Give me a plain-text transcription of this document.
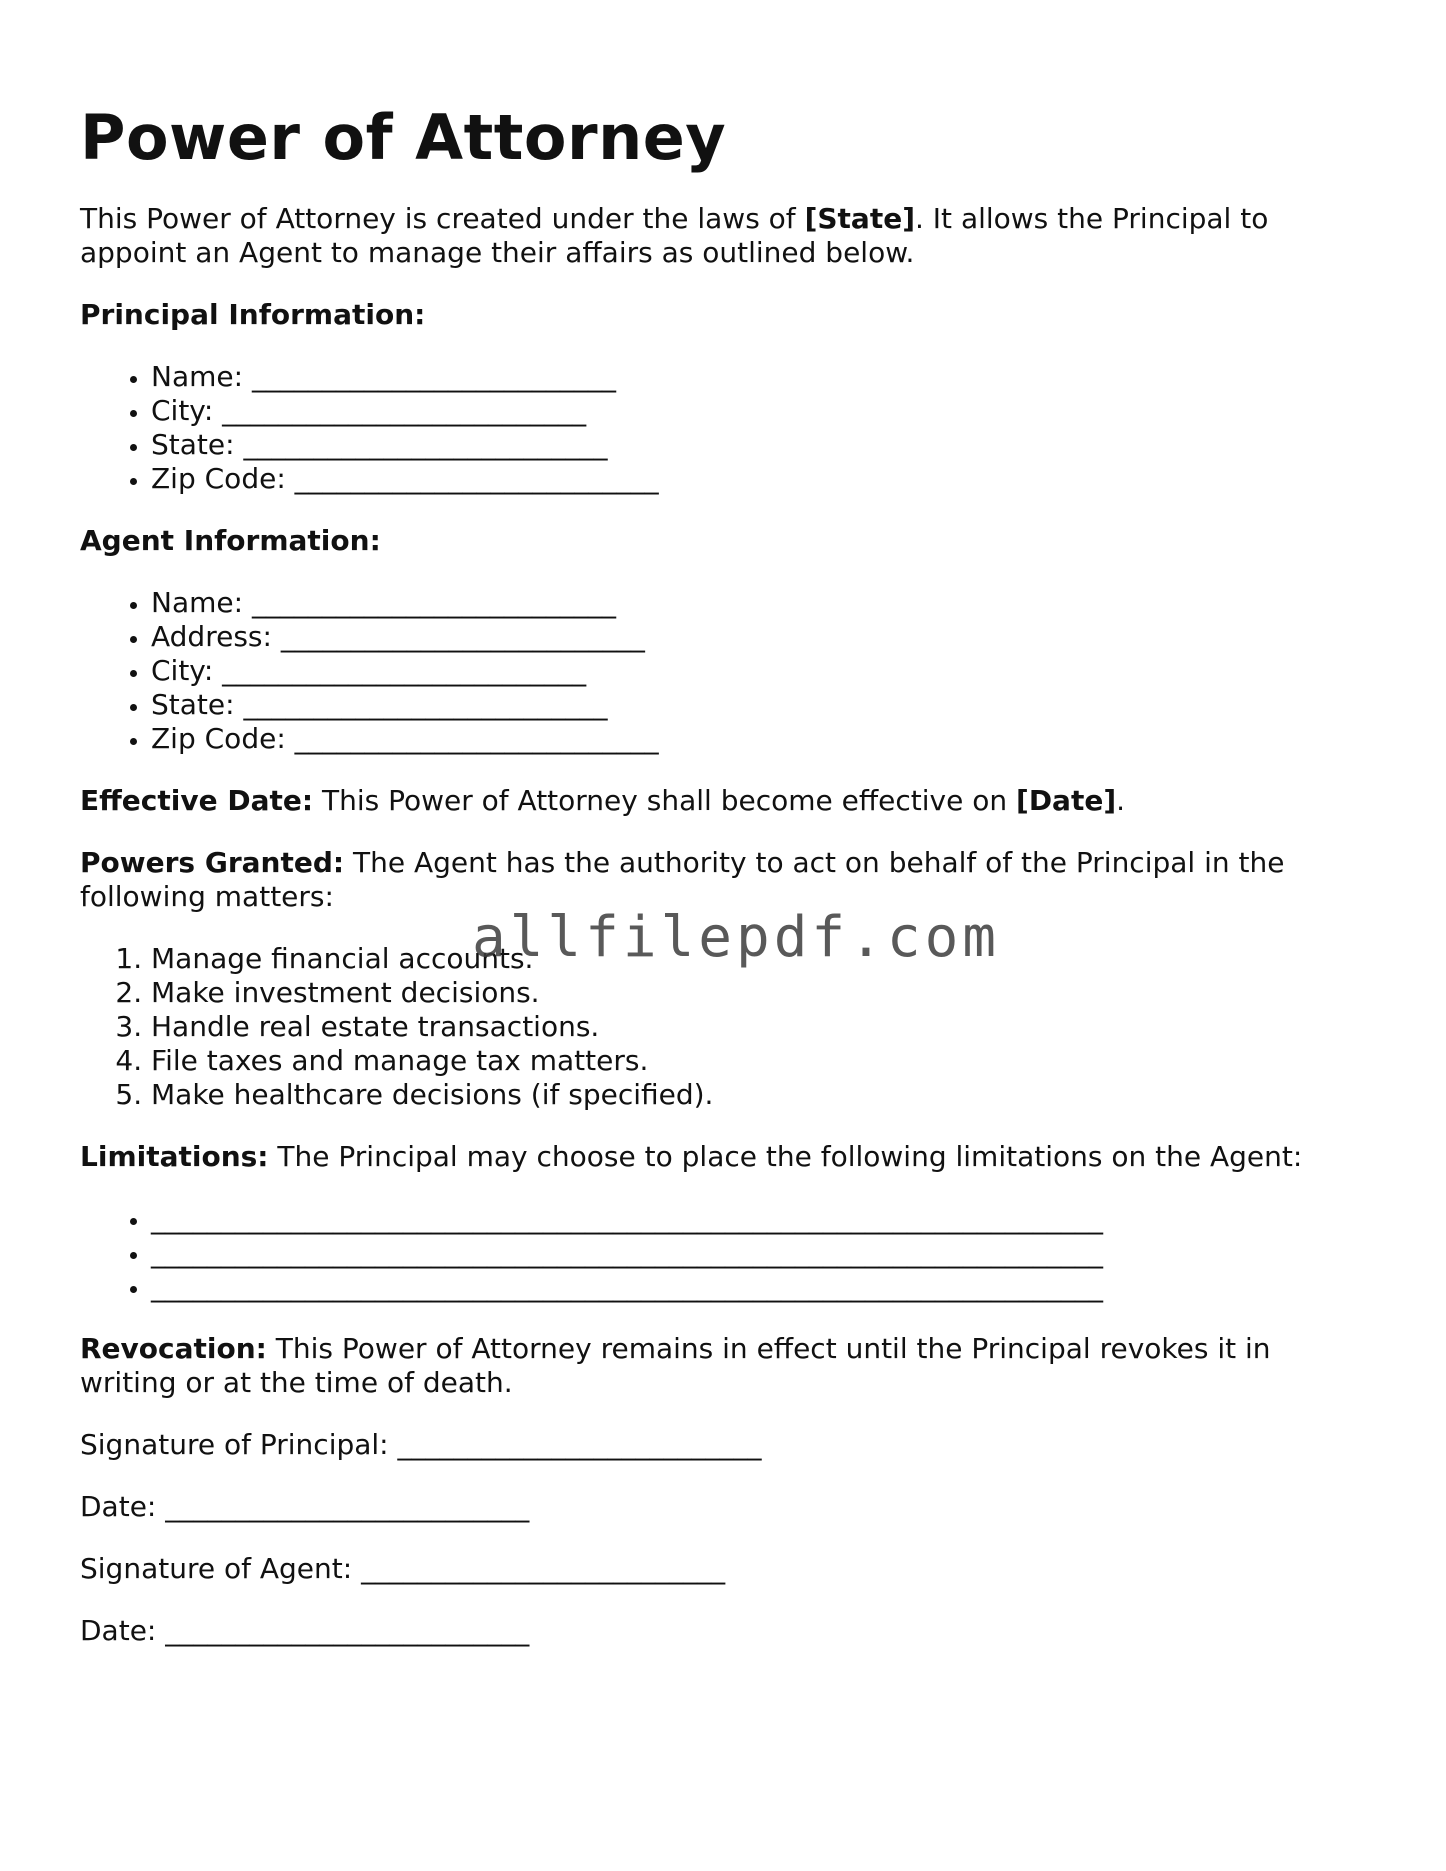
Power of Attorney

This Power of Attorney is created under the laws of [State]. It allows the Principal to appoint an Agent to manage their affairs as outlined below.

Principal Information:

• Name: __________________________
• City: __________________________
• State: __________________________
• Zip Code: __________________________

Agent Information:

• Name: __________________________
• Address: __________________________
• City: __________________________
• State: __________________________
• Zip Code: __________________________

Effective Date: This Power of Attorney shall become effective on [Date].

Powers Granted: The Agent has the authority to act on behalf of the Principal in the following matters:

1. Manage financial accounts.
2. Make investment decisions.
3. Handle real estate transactions.
4. File taxes and manage tax matters.
5. Make healthcare decisions (if specified).

Limitations: The Principal may choose to place the following limitations on the Agent:

• ____________________________________________________________________
• ____________________________________________________________________
• ____________________________________________________________________

Revocation: This Power of Attorney remains in effect until the Principal revokes it in writing or at the time of death.

Signature of Principal: __________________________

Date: __________________________

Signature of Agent: __________________________

Date: __________________________

allfilepdf.com
